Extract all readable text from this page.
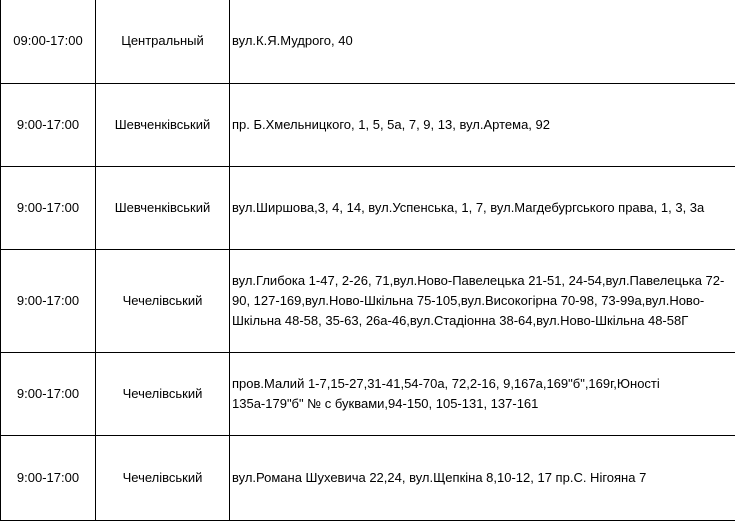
09:00-17:00	Центральный	вул.К.Я.Мудрого, 40
9:00-17:00	Шевченківський	пр. Б.Хмельницкого, 1, 5, 5а, 7, 9, 13, вул.Артема, 92
9:00-17:00	Шевченківський	вул.Ширшова,3, 4, 14, вул.Успенська, 1, 7, вул.Магдебургського права, 1, 3, 3а
9:00-17:00	Чечелівський	вул.Глибока 1-47, 2-26, 71,вул.Ново-Павелецька 21-51, 24-54,вул.Павелецька 72-90, 127-169,вул.Ново-Шкільна 75-105,вул.Високогірна 70-98, 73-99а,вул.Ново-Шкільна 48-58, 35-63, 26а-46,вул.Стадіонна 38-64,вул.Ново-Шкільна 48-58Г
9:00-17:00	Чечелівський	пров.Малий 1-7,15-27,31-41,54-70а, 72,2-16, 9,167а,169"б",169г,Юності 135а-179"б" № с буквами,94-150, 105-131, 137-161
9:00-17:00	Чечелівський	вул.Романа Шухевича 22,24, вул.Щепкіна 8,10-12, 17 пр.С. Нігояна 7
